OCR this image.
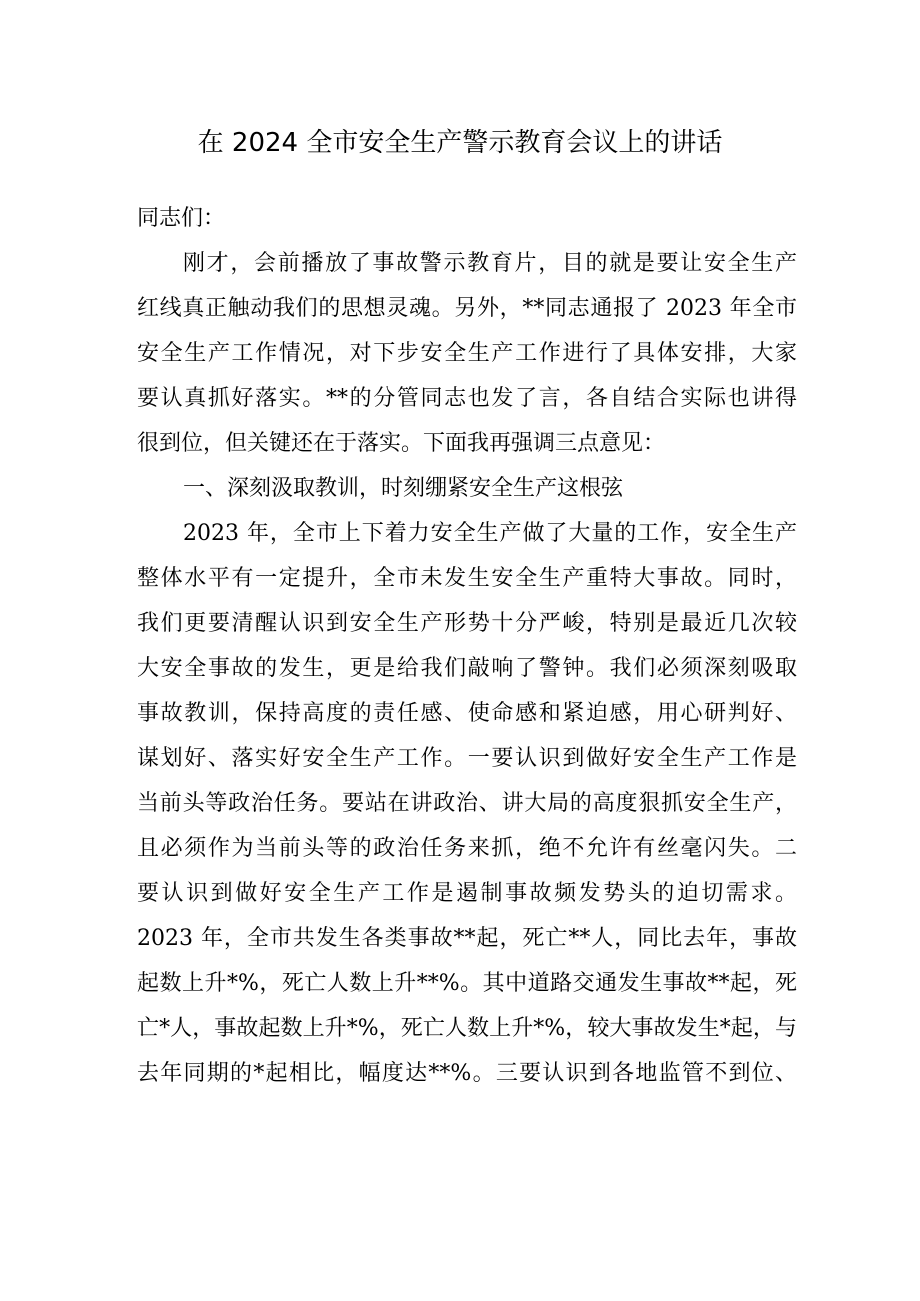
在 2024 全市安全生产警示教育会议上的讲话
同志们：
刚才，会前播放了事故警示教育片，目的就是要让安全生产
红线真正触动我们的思想灵魂。另外，**同志通报了 2023 年全市
安全生产工作情况，对下步安全生产工作进行了具体安排，大家
要认真抓好落实。**的分管同志也发了言，各自结合实际也讲得
很到位，但关键还在于落实。下面我再强调三点意见：
一、深刻汲取教训，时刻绷紧安全生产这根弦
2023 年，全市上下着力安全生产做了大量的工作，安全生产
整体水平有一定提升，全市未发生安全生产重特大事故。同时，
我们更要清醒认识到安全生产形势十分严峻，特别是最近几次较
大安全事故的发生，更是给我们敲响了警钟。我们必须深刻吸取
事故教训，保持高度的责任感、使命感和紧迫感，用心研判好、
谋划好、落实好安全生产工作。一要认识到做好安全生产工作是
当前头等政治任务。要站在讲政治、讲大局的高度狠抓安全生产，
且必须作为当前头等的政治任务来抓，绝不允许有丝毫闪失。二
要认识到做好安全生产工作是遏制事故频发势头的迫切需求。
2023 年，全市共发生各类事故**起，死亡**人，同比去年，事故
起数上升*%，死亡人数上升**%。其中道路交通发生事故**起，死
亡*人，事故起数上升*%，死亡人数上升*%，较大事故发生*起，与
去年同期的*起相比，幅度达**%。三要认识到各地监管不到位、
